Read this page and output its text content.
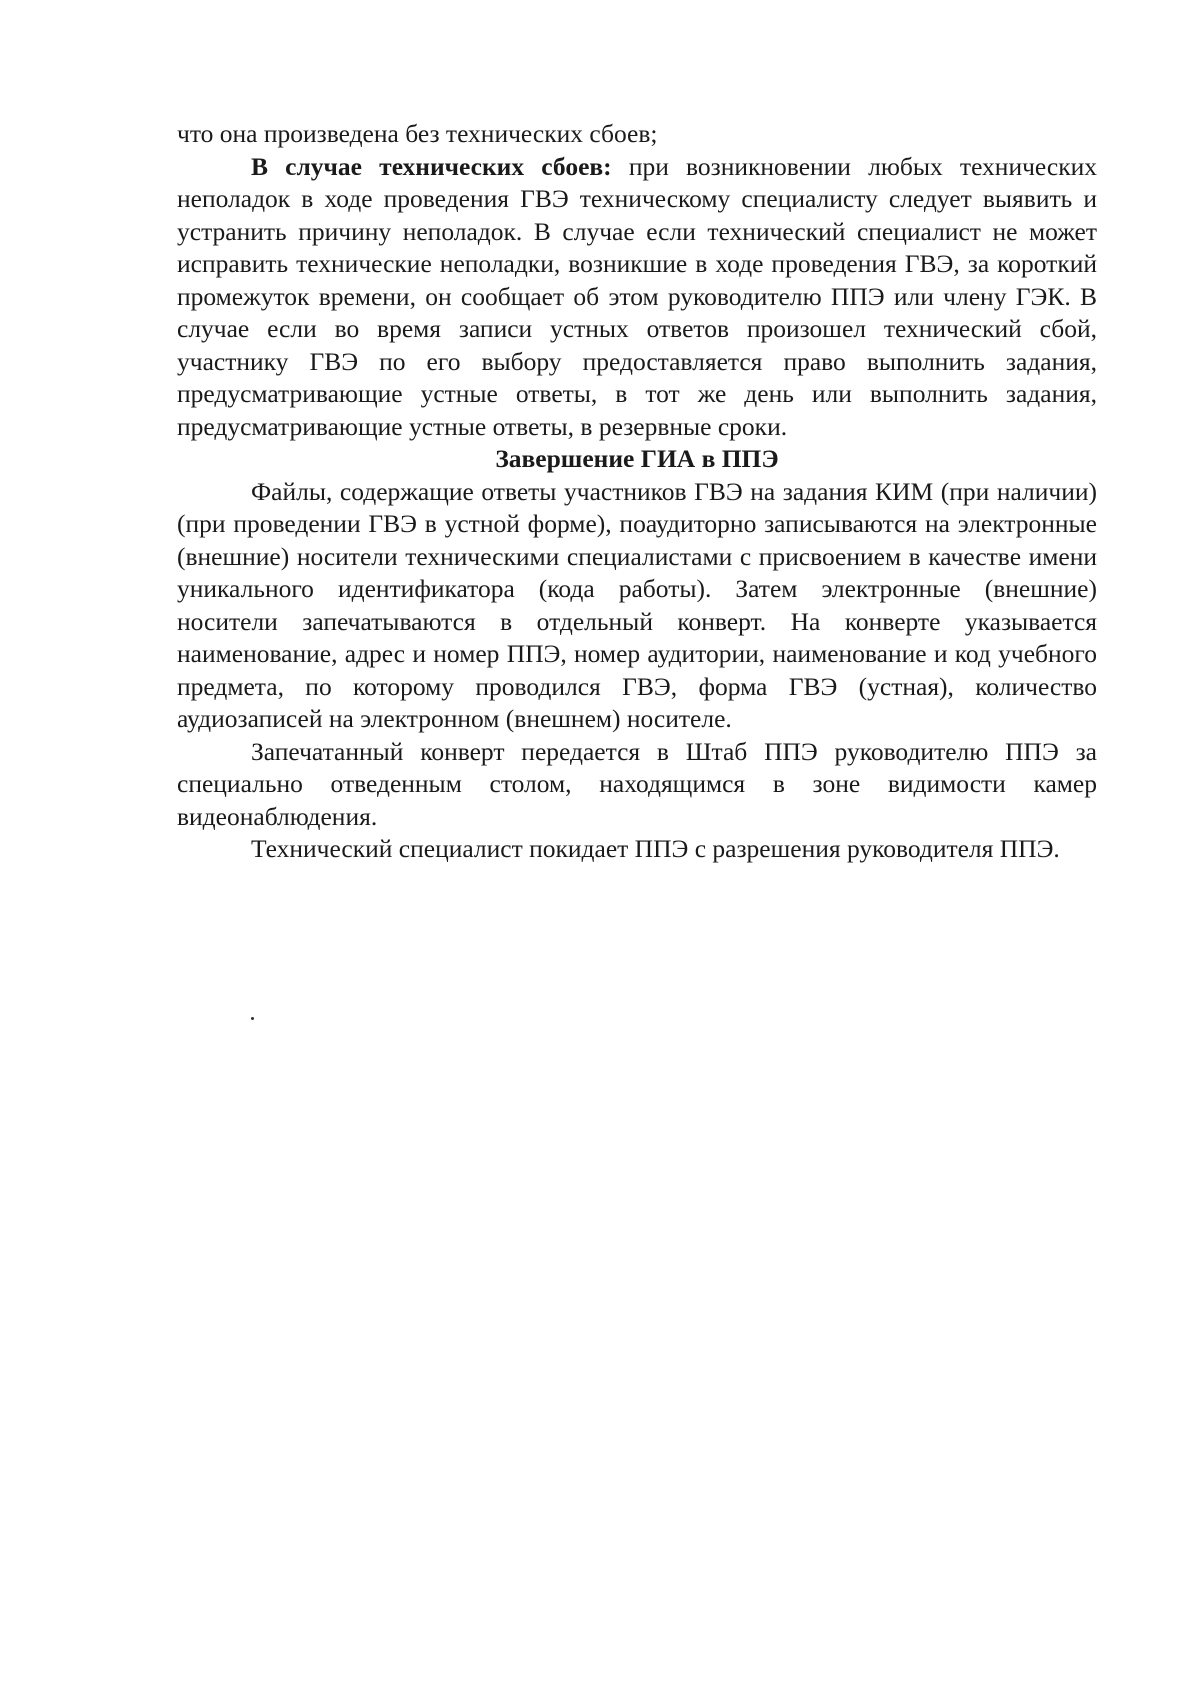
что она произведена без технических сбоев;

В случае технических сбоев: при возникновении любых технических неполадок в ходе проведения ГВЭ техническому специалисту следует выявить и устранить причину неполадок. В случае если технический специалист не может исправить технические неполадки, возникшие в ходе проведения ГВЭ, за короткий промежуток времени, он сообщает об этом руководителю ППЭ или члену ГЭК. В случае если во время записи устных ответов произошел технический сбой, участнику ГВЭ по его выбору предоставляется право выполнить задания, предусматривающие устные ответы, в тот же день или выполнить задания, предусматривающие устные ответы, в резервные сроки.

Завершение ГИА в ППЭ

Файлы, содержащие ответы участников ГВЭ на задания КИМ (при наличии) (при проведении ГВЭ в устной форме), поаудиторно записываются на электронные (внешние) носители техническими специалистами с присвоением в качестве имени уникального идентификатора (кода работы). Затем электронные (внешние) носители запечатываются в отдельный конверт. На конверте указывается наименование, адрес и номер ППЭ, номер аудитории, наименование и код учебного предмета, по которому проводился ГВЭ, форма ГВЭ (устная), количество аудиозаписей на электронном (внешнем) носителе.

Запечатанный конверт передается в Штаб ППЭ руководителю ППЭ за специально отведенным столом, находящимся в зоне видимости камер видеонаблюдения.

Технический специалист покидает ППЭ с разрешения руководителя ППЭ.
